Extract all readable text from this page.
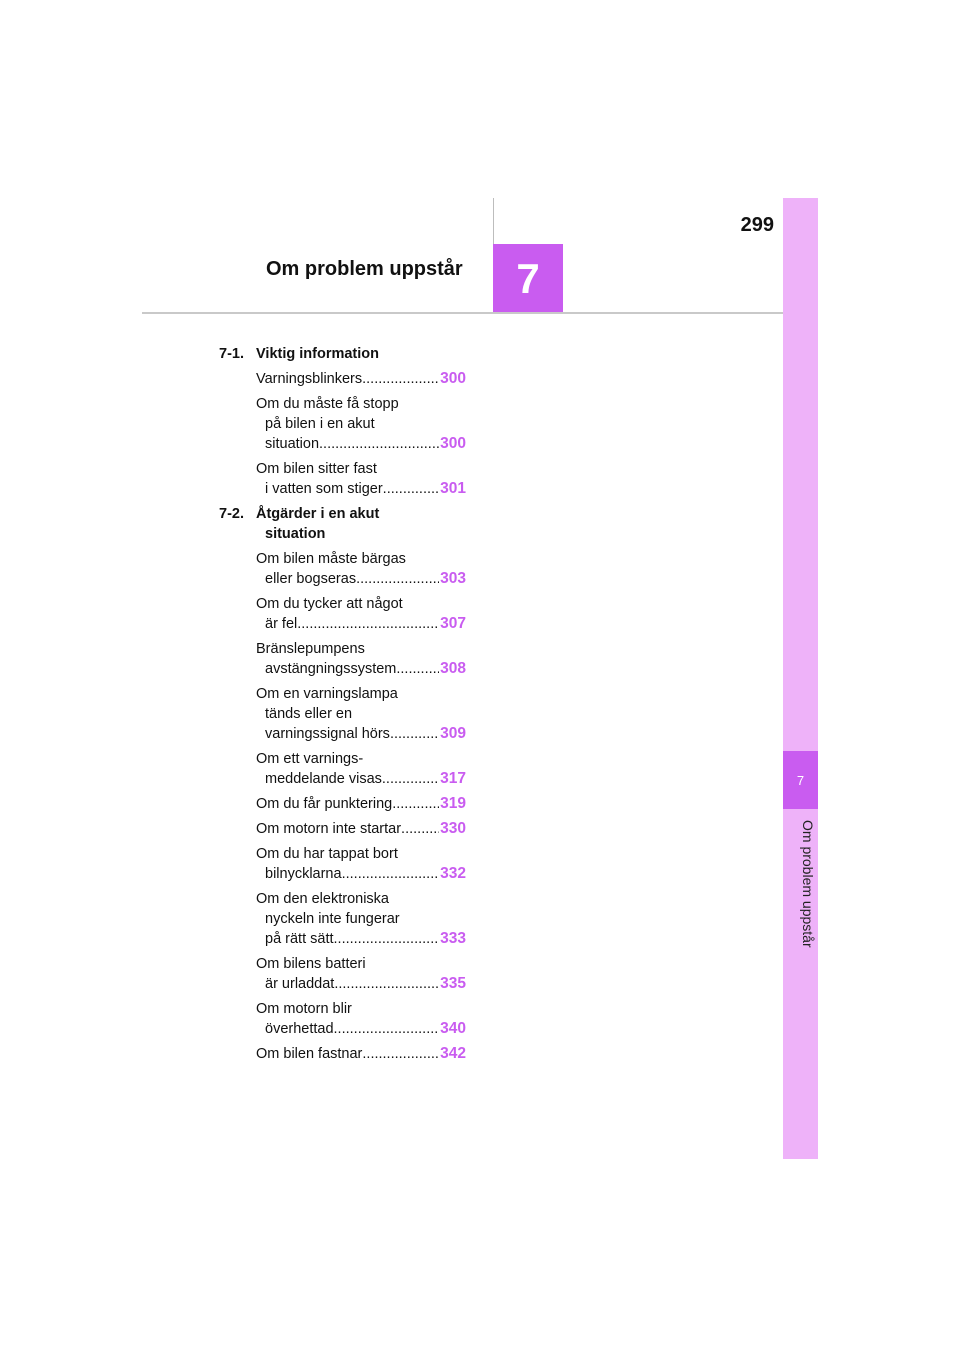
299
Om problem uppstår	7
7
Om problem uppstår
7-1. Viktig information
Varningsblinkers .....	300
Om du måste få stopp
på bilen i en akut
situation .....	300
Om bilen sitter fast
i vatten som stiger .....	301
7-2. Åtgärder i en akut
situation
Om bilen måste bärgas
eller bogseras .....	303
Om du tycker att något
är fel .....	307
Bränslepumpens
avstängningssystem .....	308
Om en varningslampa
tänds eller en
varningssignal hörs .....	309
Om ett varnings-
meddelande visas .....	317
Om du får punktering .....	319
Om motorn inte startar .....	330
Om du har tappat bort
bilnycklarna .....	332
Om den elektroniska
nyckeln inte fungerar
på rätt sätt .....	333
Om bilens batteri
är urladdat .....	335
Om motorn blir
överhettad .....	340
Om bilen fastnar .....	342
